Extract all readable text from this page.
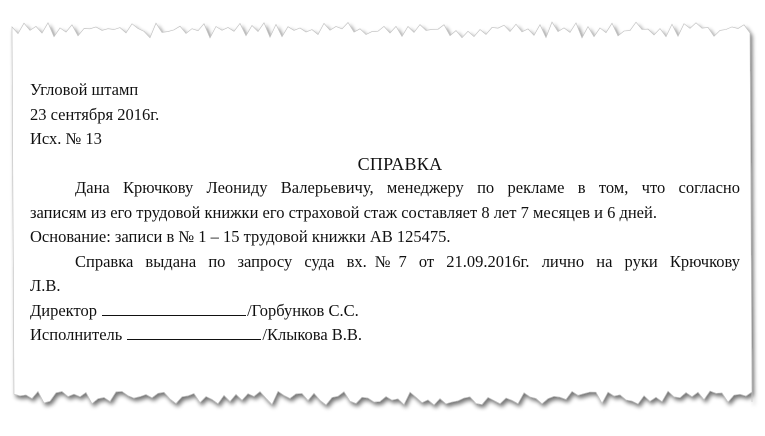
Угловой штамп
23 сентября 2016г.
Исх. № 13
СПРАВКА
Дана Крючкову Леониду Валерьевичу, менеджеру по рекламе в том, что согласно
записям из его трудовой книжки его страховой стаж составляет 8 лет 7 месяцев и 6 дней.
Основание: записи в № 1 – 15 трудовой книжки АВ 125475.
Справка выдана по запросу суда вх.№7 от 21.09.2016г. лично на руки Крючкову
Л.В.
Директор	/Горбунков С.С.
Исполнитель	/Клыкова В.В.
